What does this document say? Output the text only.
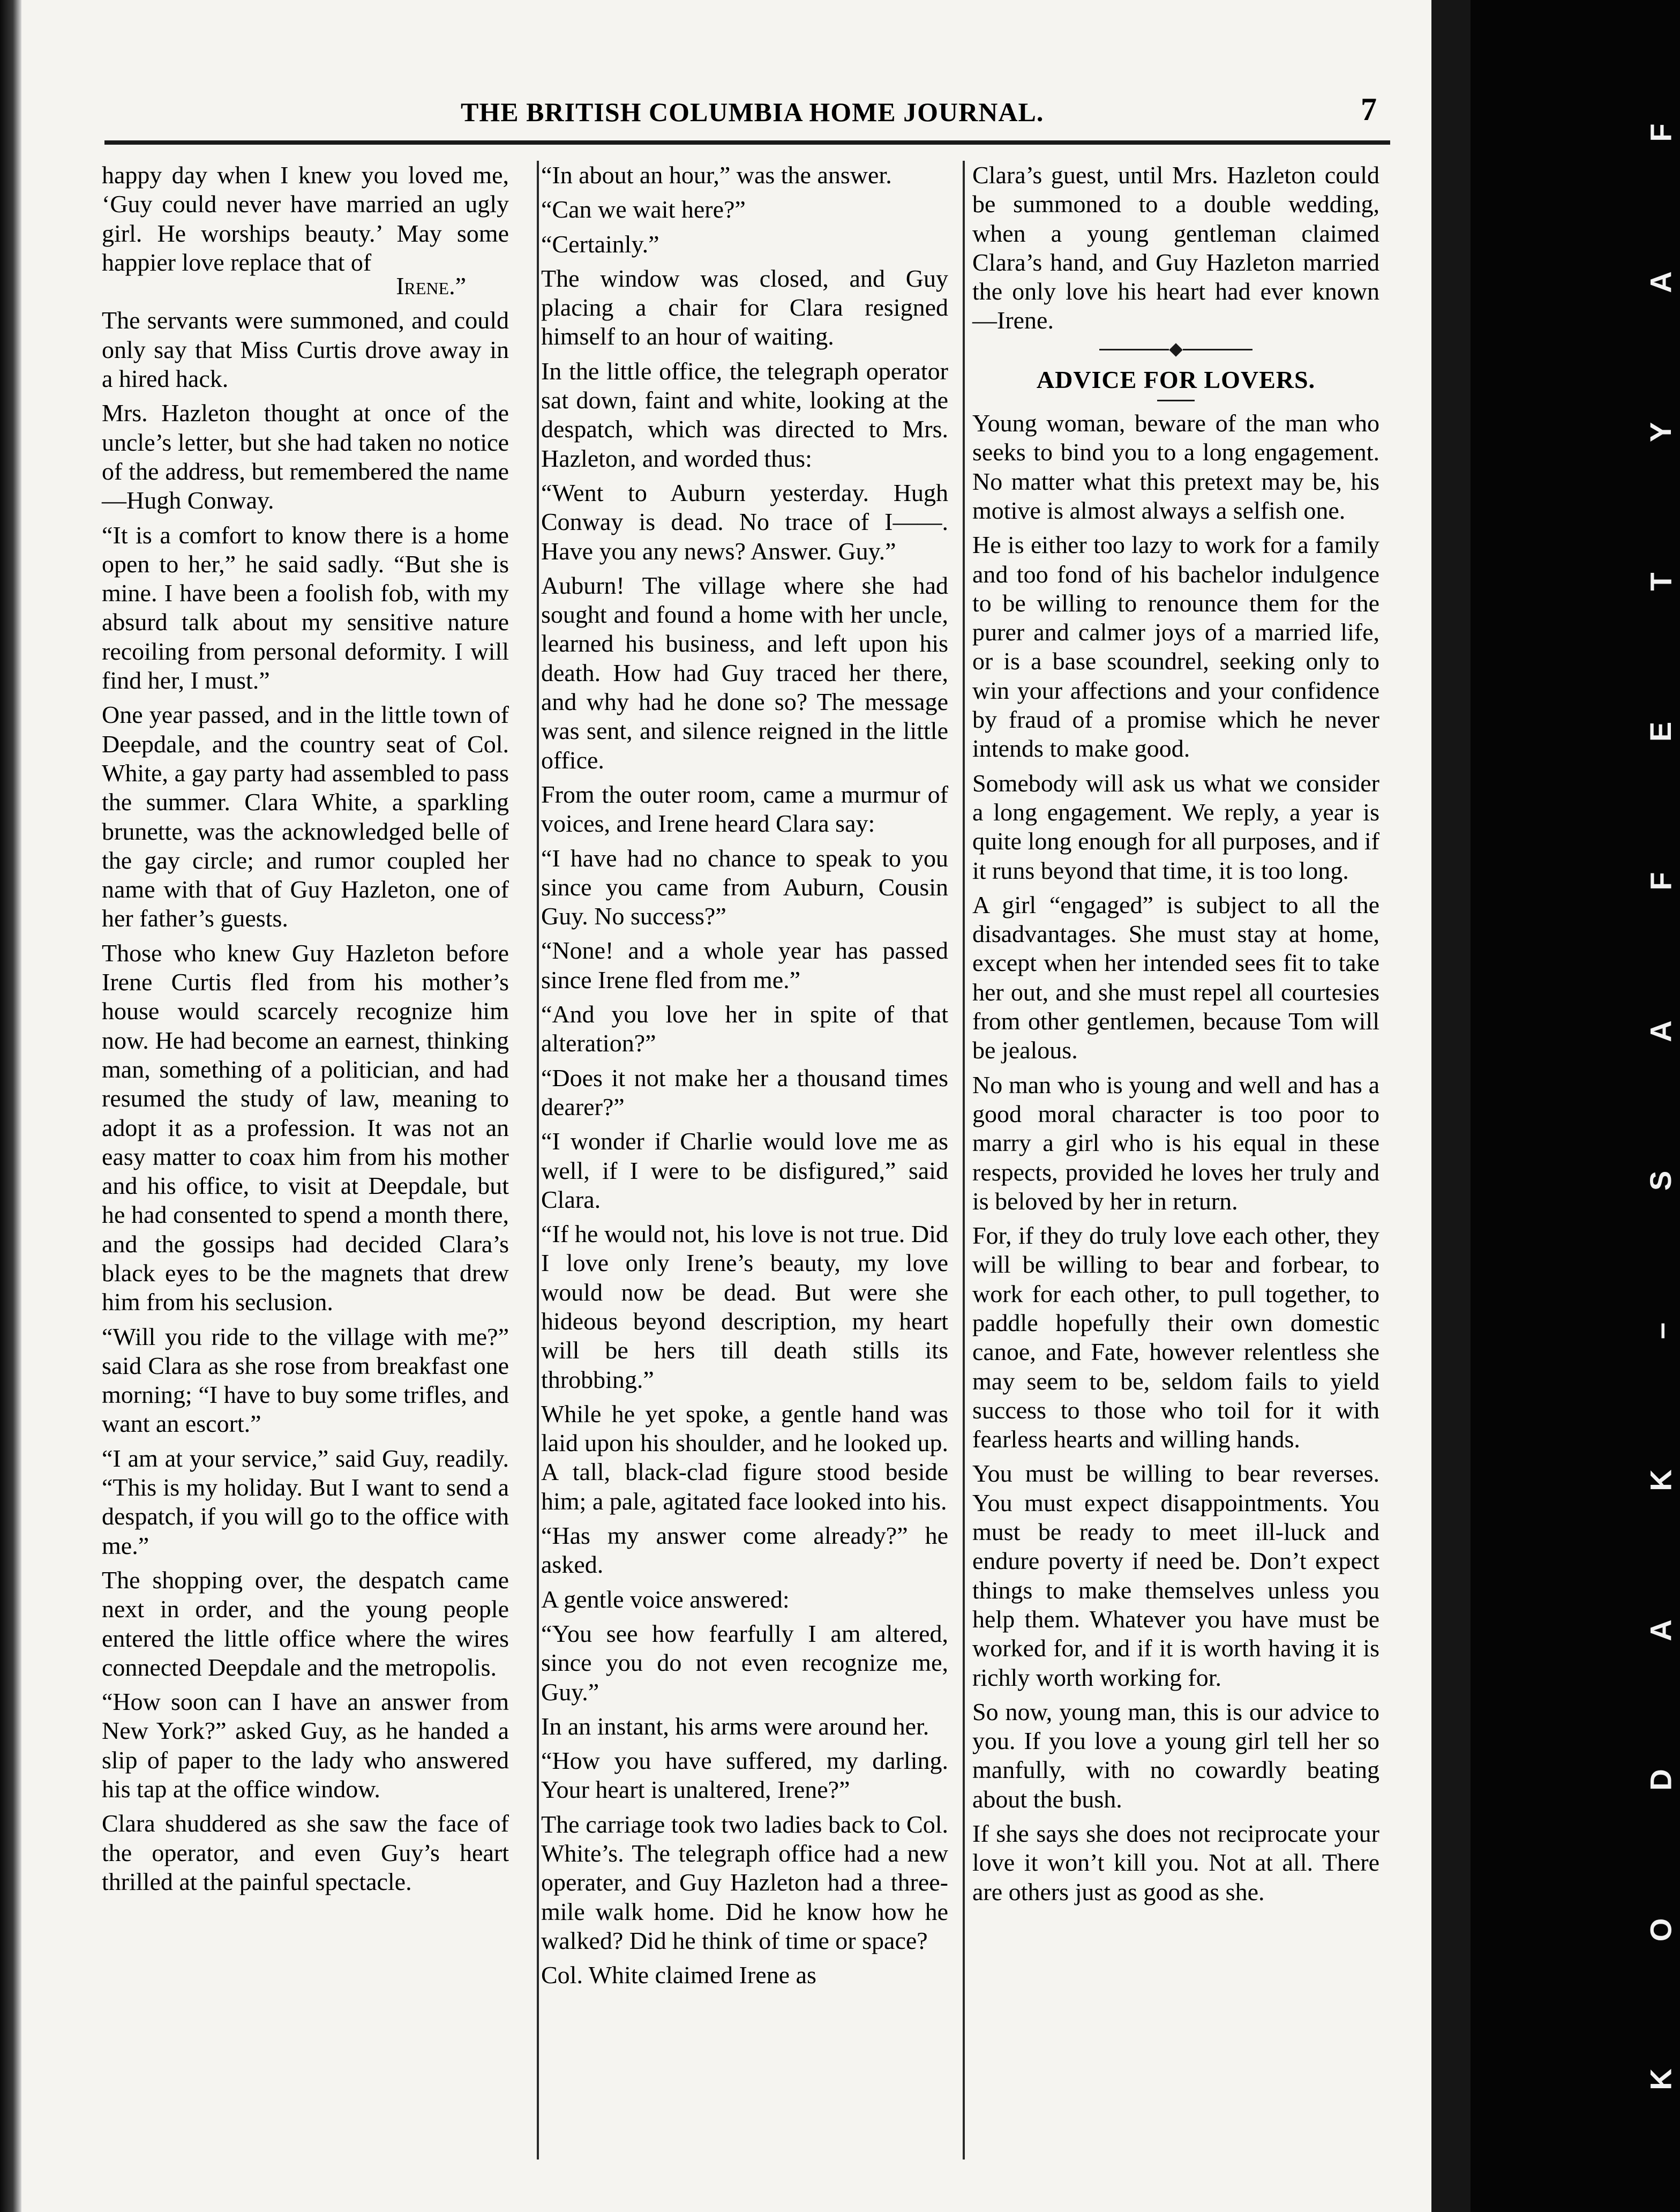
THE BRITISH COLUMBIA HOME JOURNAL.	7

happy day when I knew you loved me, ‘Guy could never have married an ugly girl. He worships beauty.’ May some happier love replace that of

Irene.”

The servants were summoned, and could only say that Miss Curtis drove away in a hired hack.

Mrs. Hazleton thought at once of the uncle’s letter, but she had taken no notice of the address, but remembered the name—Hugh Conway.

“It is a comfort to know there is a home open to her,” he said sadly. “But she is mine. I have been a foolish fob, with my absurd talk about my sensitive nature recoiling from personal deformity. I will find her, I must.”

One year passed, and in the little town of Deepdale, and the country seat of Col. White, a gay party had assembled to pass the summer. Clara White, a sparkling brunette, was the acknowledged belle of the gay circle; and rumor coupled her name with that of Guy Hazleton, one of her father’s guests.

Those who knew Guy Hazleton before Irene Curtis fled from his mother’s house would scarcely recognize him now. He had become an earnest, thinking man, something of a politician, and had resumed the study of law, meaning to adopt it as a profession. It was not an easy matter to coax him from his mother and his office, to visit at Deepdale, but he had consented to spend a month there, and the gossips had decided Clara’s black eyes to be the magnets that drew him from his seclusion.

“Will you ride to the village with me?” said Clara as she rose from breakfast one morning; “I have to buy some trifles, and want an escort.”

“I am at your service,” said Guy, readily. “This is my holiday. But I want to send a despatch, if you will go to the office with me.”

The shopping over, the despatch came next in order, and the young people entered the little office where the wires connected Deepdale and the metropolis.

“How soon can I have an answer from New York?” asked Guy, as he handed a slip of paper to the lady who answered his tap at the office window.

Clara shuddered as she saw the face of the operator, and even Guy’s heart thrilled at the painful spectacle.

“In about an hour,” was the answer.

“Can we wait here?”

“Certainly.”

The window was closed, and Guy placing a chair for Clara resigned himself to an hour of waiting.

In the little office, the telegraph operator sat down, faint and white, looking at the despatch, which was directed to Mrs. Hazleton, and worded thus:

“Went to Auburn yesterday. Hugh Conway is dead. No trace of I——. Have you any news? Answer. Guy.”

Auburn! The village where she had sought and found a home with her uncle, learned his business, and left upon his death. How had Guy traced her there, and why had he done so? The message was sent, and silence reigned in the little office.

From the outer room, came a murmur of voices, and Irene heard Clara say:

“I have had no chance to speak to you since you came from Auburn, Cousin Guy. No success?”

“None! and a whole year has passed since Irene fled from me.”

“And you love her in spite of that alteration?”

“Does it not make her a thousand times dearer?”

“I wonder if Charlie would love me as well, if I were to be disfigured,” said Clara.

“If he would not, his love is not true. Did I love only Irene’s beauty, my love would now be dead. But were she hideous beyond description, my heart will be hers till death stills its throbbing.”

While he yet spoke, a gentle hand was laid upon his shoulder, and he looked up. A tall, black-clad figure stood beside him; a pale, agitated face looked into his.

“Has my answer come already?” he asked.

A gentle voice answered:

“You see how fearfully I am altered, since you do not even recognize me, Guy.”

In an instant, his arms were around her.

“How you have suffered, my darling. Your heart is unaltered, Irene?”

The carriage took two ladies back to Col. White’s. The telegraph office had a new operater, and Guy Hazleton had a three-mile walk home. Did he know how he walked? Did he think of time or space?

Col. White claimed Irene as

Clara’s guest, until Mrs. Hazleton could be summoned to a double wedding, when a young gentleman claimed Clara’s hand, and Guy Hazleton married the only love his heart had ever known—Irene.

ADVICE FOR LOVERS.

Young woman, beware of the man who seeks to bind you to a long engagement. No matter what this pretext may be, his motive is almost always a selfish one.

He is either too lazy to work for a family and too fond of his bachelor indulgence to be willing to renounce them for the purer and calmer joys of a married life, or is a base scoundrel, seeking only to win your affections and your confidence by fraud of a promise which he never intends to make good.

Somebody will ask us what we consider a long engagement. We reply, a year is quite long enough for all purposes, and if it runs beyond that time, it is too long.

A girl “engaged” is subject to all the disadvantages. She must stay at home, except when her intended sees fit to take her out, and she must repel all courtesies from other gentlemen, because Tom will be jealous.

No man who is young and well and has a good moral character is too poor to marry a girl who is his equal in these respects, provided he loves her truly and is beloved by her in return.

For, if they do truly love each other, they will be willing to bear and forbear, to work for each other, to pull together, to paddle hopefully their own domestic canoe, and Fate, however relentless she may seem to be, seldom fails to yield success to those who toil for it with fearless hearts and willing hands.

You must be willing to bear reverses. You must expect disappointments. You must be ready to meet ill-luck and endure poverty if need be. Don’t expect things to make themselves unless you help them. Whatever you have must be worked for, and if it is worth having it is richly worth working for.

So now, young man, this is our advice to you. If you love a young girl tell her so manfully, with no cowardly beating about the bush.

If she says she does not reciprocate your love it won’t kill you. Not at all. There are others just as good as she.

F
A
Y
T
E
F
A
S
–
K
A
D
O
K
